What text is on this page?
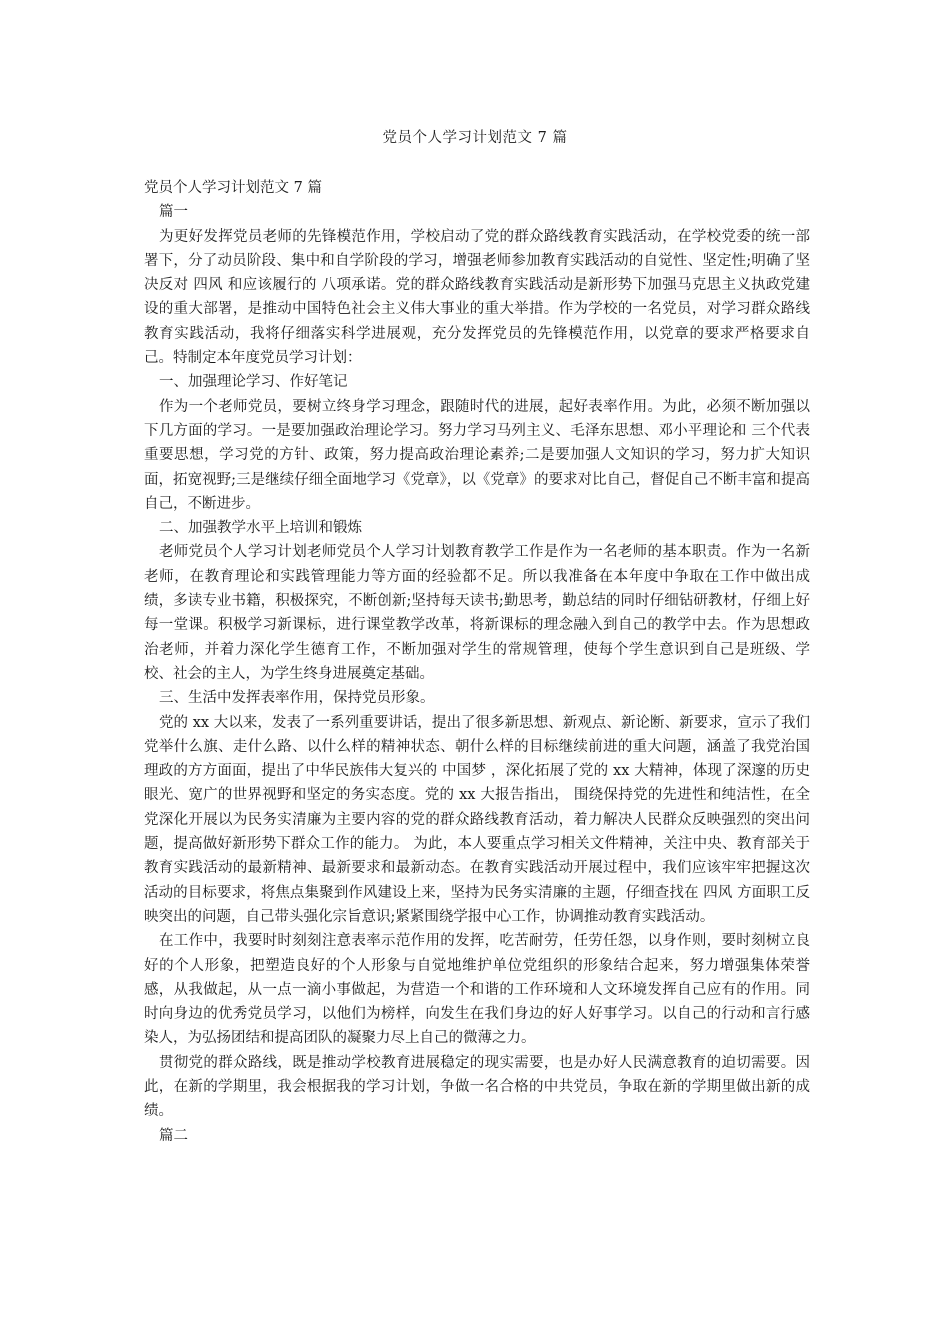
党员个人学习计划范文 7 篇

党员个人学习计划范文 7 篇

篇一

为更好发挥党员老师的先锋模范作用，学校启动了党的群众路线教育实践活动，在学校党委的统一部署下，分了动员阶段、集中和自学阶段的学习，增强老师参加教育实践活动的自觉性、坚定性;明确了坚决反对 四风 和应该履行的 八项承诺。党的群众路线教育实践活动是新形势下加强马克思主义执政党建设的重大部署，是推动中国特色社会主义伟大事业的重大举措。作为学校的一名党员，对学习群众路线教育实践活动，我将仔细落实科学进展观，充分发挥党员的先锋模范作用，以党章的要求严格要求自己。特制定本年度党员学习计划：

一、加强理论学习、作好笔记

作为一个老师党员，要树立终身学习理念，跟随时代的进展，起好表率作用。为此，必须不断加强以下几方面的学习。一是要加强政治理论学习。努力学习马列主义、毛泽东思想、邓小平理论和 三个代表 重要思想，学习党的方针、政策，努力提高政治理论素养;二是要加强人文知识的学习，努力扩大知识面，拓宽视野;三是继续仔细全面地学习《党章》，以《党章》的要求对比自己，督促自己不断丰富和提高自己，不断进步。

二、加强教学水平上培训和锻炼

老师党员个人学习计划老师党员个人学习计划教育教学工作是作为一名老师的基本职责。作为一名新老师，在教育理论和实践管理能力等方面的经验都不足。所以我准备在本年度中争取在工作中做出成绩，多读专业书籍，积极探究，不断创新;坚持每天读书;勤思考，勤总结的同时仔细钻研教材，仔细上好每一堂课。积极学习新课标，进行课堂教学改革，将新课标的理念融入到自己的教学中去。作为思想政治老师，并着力深化学生德育工作，不断加强对学生的常规管理，使每个学生意识到自己是班级、学校、社会的主人，为学生终身进展奠定基础。

三、生活中发挥表率作用，保持党员形象。

党的 xx 大以来，发表了一系列重要讲话，提出了很多新思想、新观点、新论断、新要求，宣示了我们党举什么旗、走什么路、以什么样的精神状态、朝什么样的目标继续前进的重大问题，涵盖了我党治国理政的方方面面，提出了中华民族伟大复兴的 中国梦 ，深化拓展了党的 xx 大精神，体现了深邃的历史眼光、宽广的世界视野和坚定的务实态度。党的 xx 大报告指出， 围绕保持党的先进性和纯洁性，在全党深化开展以为民务实清廉为主要内容的党的群众路线教育活动，着力解决人民群众反映强烈的突出问题，提高做好新形势下群众工作的能力。 为此，本人要重点学习相关文件精神，关注中央、教育部关于教育实践活动的最新精神、最新要求和最新动态。在教育实践活动开展过程中，我们应该牢牢把握这次活动的目标要求，将焦点集聚到作风建设上来，坚持为民务实清廉的主题，仔细查找在 四风 方面职工反映突出的问题，自己带头强化宗旨意识;紧紧围绕学报中心工作，协调推动教育实践活动。

在工作中，我要时时刻刻注意表率示范作用的发挥，吃苦耐劳，任劳任怨，以身作则，要时刻树立良好的个人形象，把塑造良好的个人形象与自觉地维护单位党组织的形象结合起来，努力增强集体荣誉感，从我做起，从一点一滴小事做起，为营造一个和谐的工作环境和人文环境发挥自己应有的作用。同时向身边的优秀党员学习，以他们为榜样，向发生在我们身边的好人好事学习。以自己的行动和言行感染人，为弘扬团结和提高团队的凝聚力尽上自己的微薄之力。

贯彻党的群众路线，既是推动学校教育进展稳定的现实需要，也是办好人民满意教育的迫切需要。因此，在新的学期里，我会根据我的学习计划，争做一名合格的中共党员，争取在新的学期里做出新的成绩。

篇二
